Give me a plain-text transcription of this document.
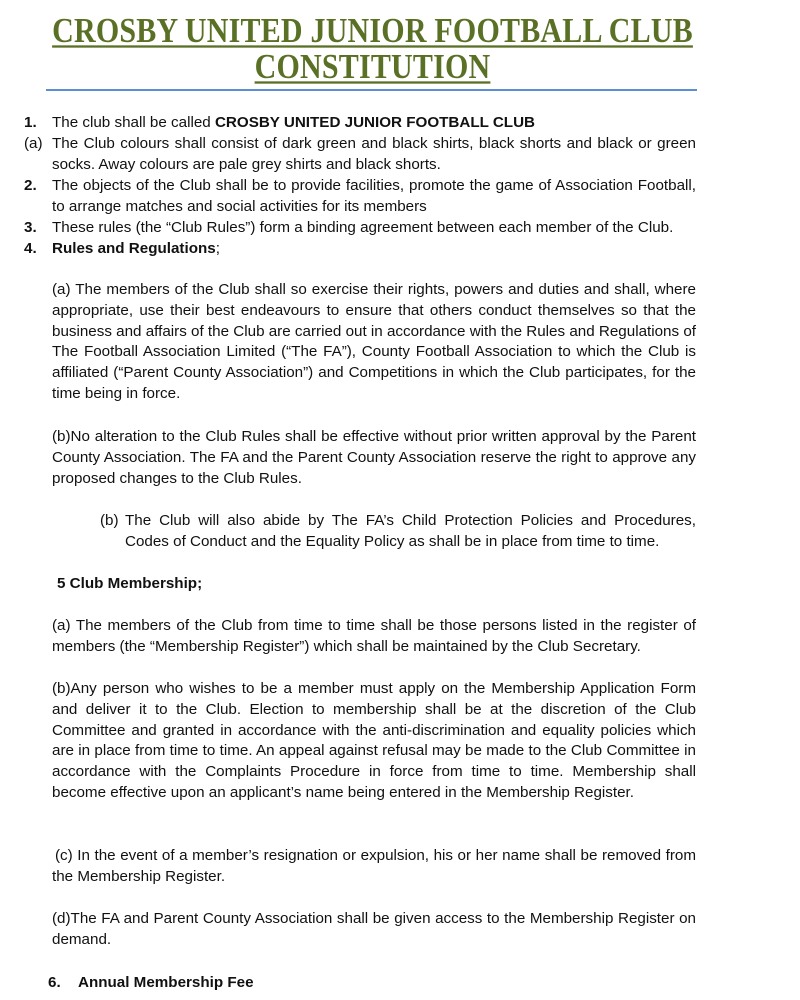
CROSBY UNITED JUNIOR FOOTBALL CLUB
CONSTITUTION
1. The club shall be called CROSBY UNITED JUNIOR FOOTBALL CLUB
(a) The Club colours shall consist of dark green and black shirts, black shorts and black or green socks. Away colours are pale grey shirts and black shorts.
2. The objects of the Club shall be to provide facilities, promote the game of Association Football, to arrange matches and social activities for its members
3. These rules (the “Club Rules”) form a binding agreement between each member of the Club.
4. Rules and Regulations;
(a) The members of the Club shall so exercise their rights, powers and duties and shall, where appropriate, use their best endeavours to ensure that others conduct themselves so that the business and affairs of the Club are carried out in accordance with the Rules and Regulations of The Football Association Limited (“The FA”), County Football Association to which the Club is affiliated (“Parent County Association”) and Competitions in which the Club participates, for the time being in force.
(b)No alteration to the Club Rules shall be effective without prior written approval by the Parent County Association. The FA and the Parent County Association reserve the right to approve any proposed changes to the Club Rules.
(b) The Club will also abide by The FA’s Child Protection Policies and Procedures, Codes of Conduct and the Equality Policy as shall be in place from time to time.
5 Club Membership;
(a) The members of the Club from time to time shall be those persons listed in the register of members (the “Membership Register”) which shall be maintained by the Club Secretary.
(b)Any person who wishes to be a member must apply on the Membership Application Form and deliver it to the Club. Election to membership shall be at the discretion of the Club Committee and granted in accordance with the anti-discrimination and equality policies which are in place from time to time. An appeal against refusal may be made to the Club Committee in accordance with the Complaints Procedure in force from time to time. Membership shall become effective upon an applicant’s name being entered in the Membership Register.
(c) In the event of a member’s resignation or expulsion, his or her name shall be removed from the Membership Register.
(d)The FA and Parent County Association shall be given access to the Membership Register on demand.
6. Annual Membership Fee
